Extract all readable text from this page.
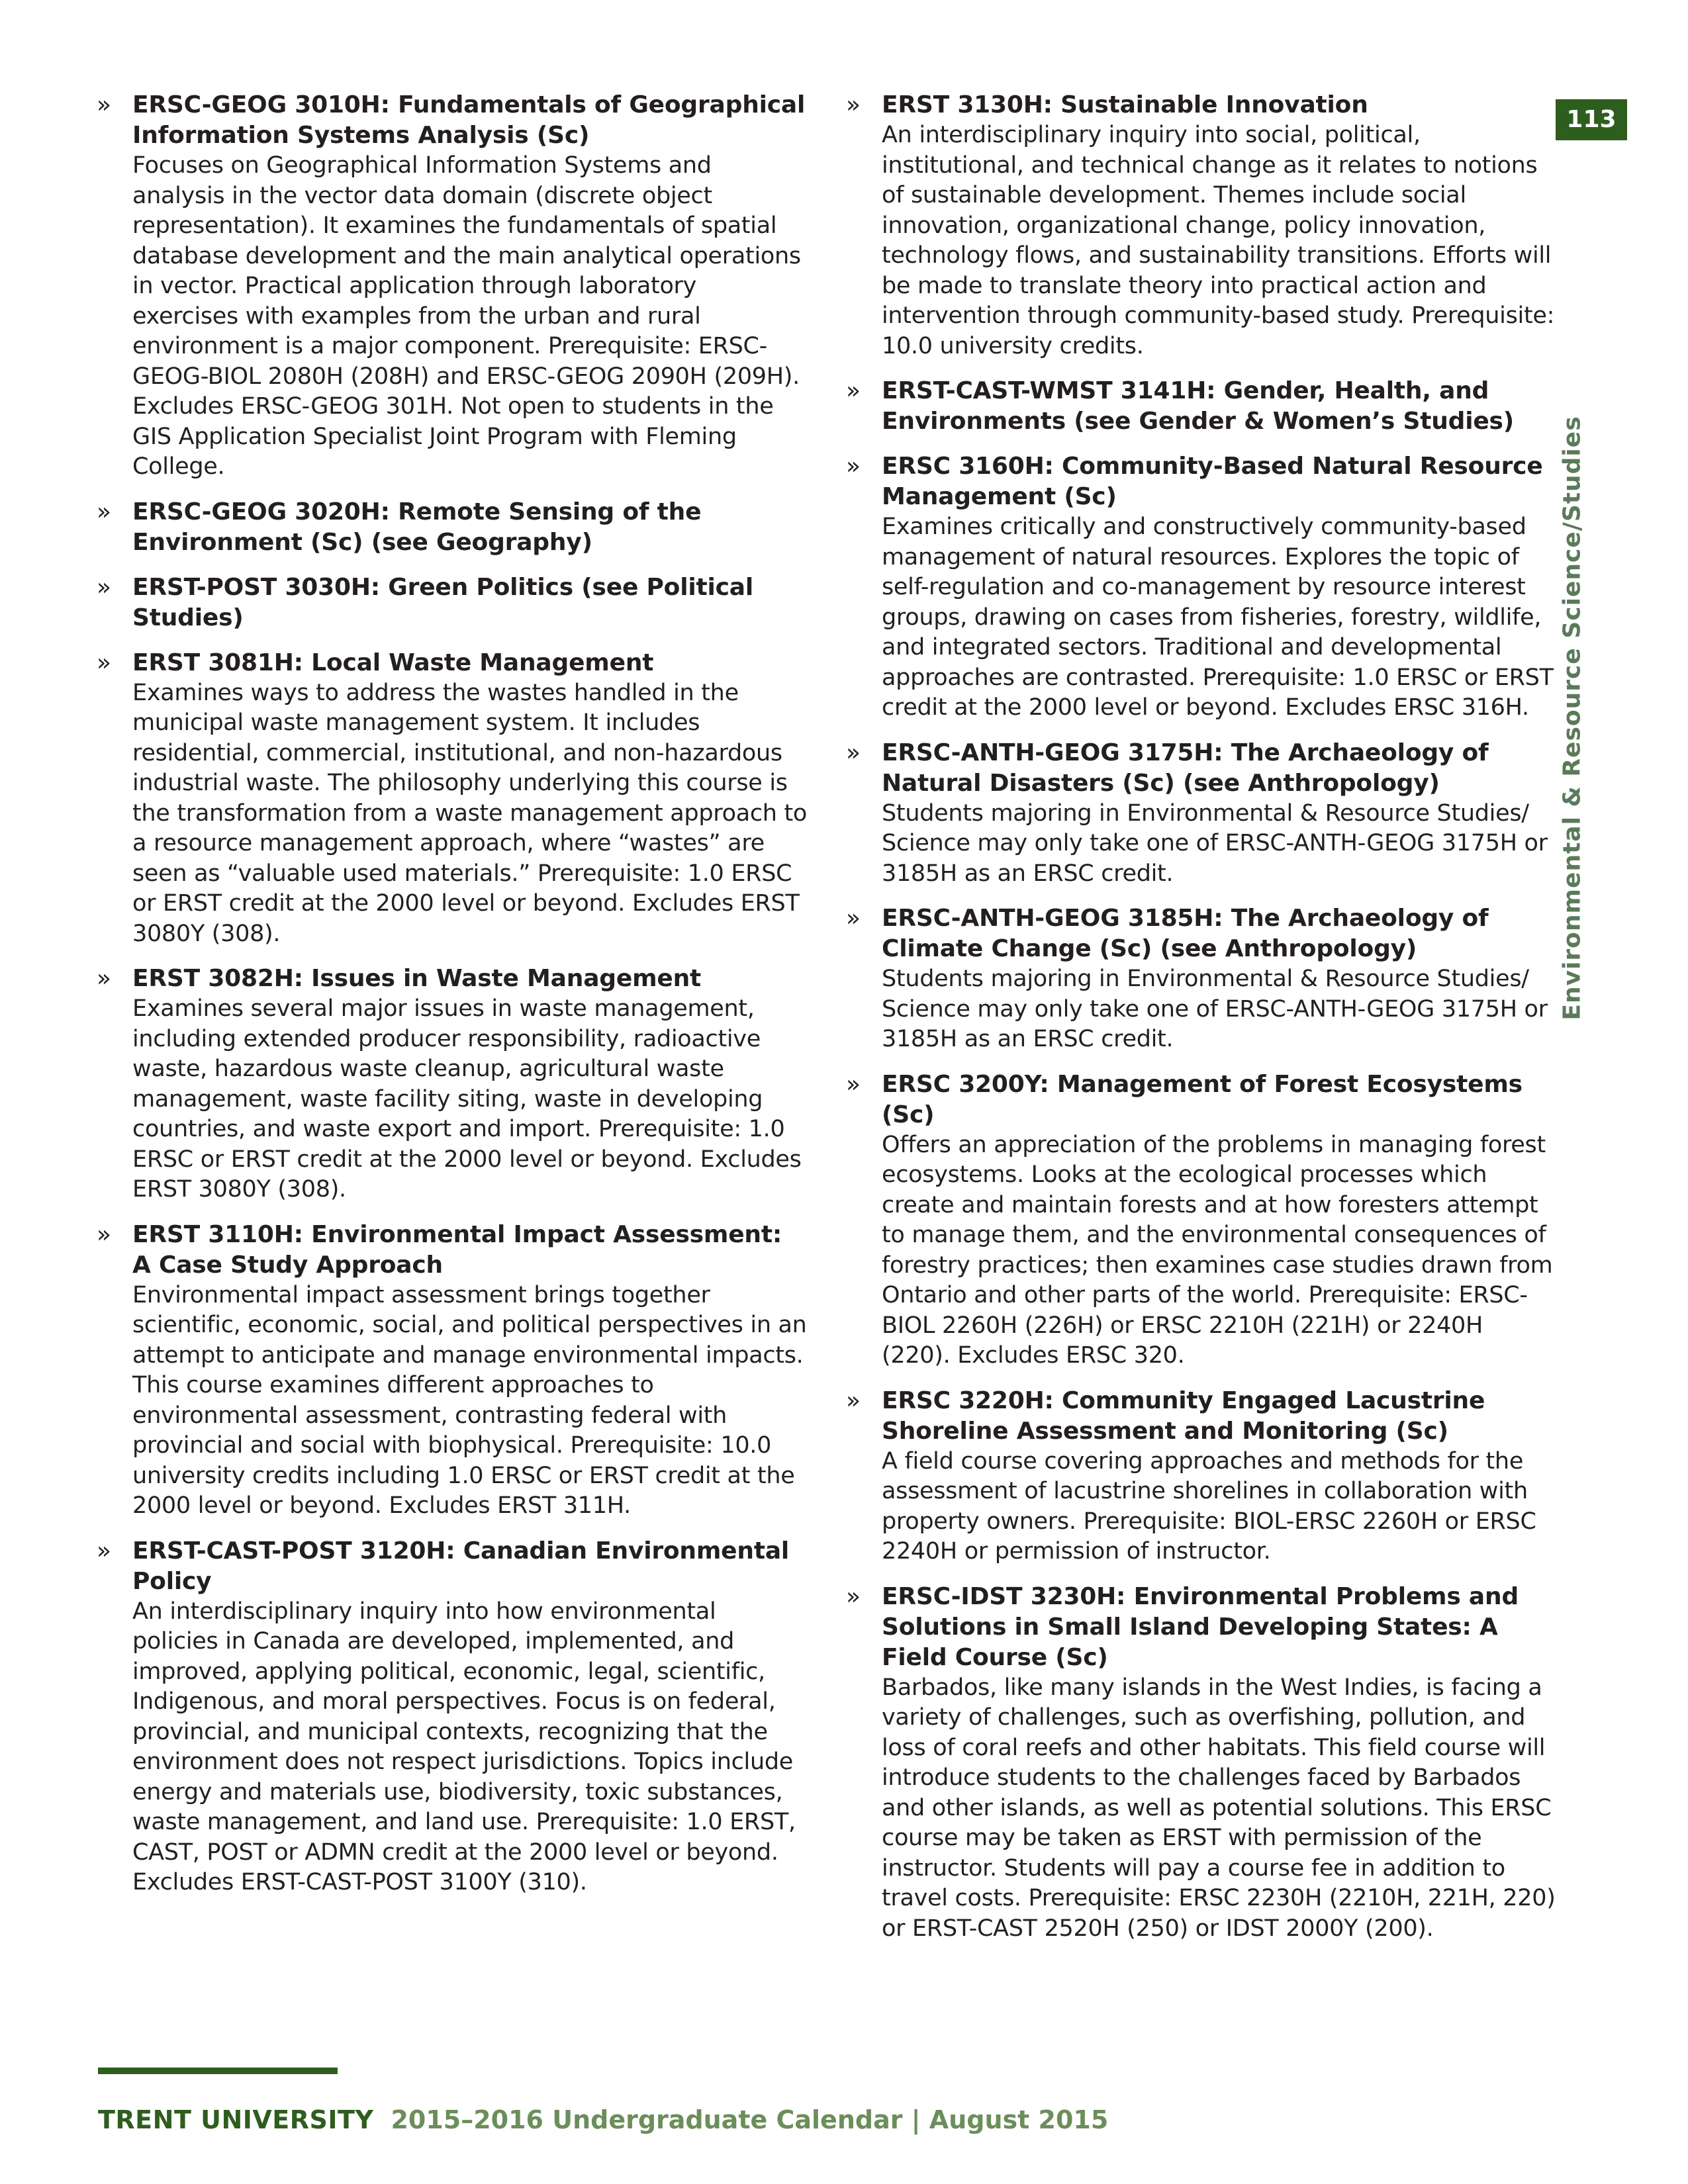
» ERSC-GEOG 3010H: Fundamentals of Geographical Information Systems Analysis (Sc)
Focuses on Geographical Information Systems and analysis in the vector data domain (discrete object representation). It examines the fundamentals of spatial database development and the main analytical operations in vector. Practical application through laboratory exercises with examples from the urban and rural environment is a major component. Prerequisite: ERSC-GEOG-BIOL 2080H (208H) and ERSC-GEOG 2090H (209H). Excludes ERSC-GEOG 301H. Not open to students in the GIS Application Specialist Joint Program with Fleming College.
» ERSC-GEOG 3020H: Remote Sensing of the Environment (Sc) (see Geography)
» ERST-POST 3030H: Green Politics (see Political Studies)
» ERST 3081H: Local Waste Management
Examines ways to address the wastes handled in the municipal waste management system. It includes residential, commercial, institutional, and non-hazardous industrial waste. The philosophy underlying this course is the transformation from a waste management approach to a resource management approach, where “wastes” are seen as “valuable used materials.” Prerequisite: 1.0 ERSC or ERST credit at the 2000 level or beyond. Excludes ERST 3080Y (308).
» ERST 3082H: Issues in Waste Management
Examines several major issues in waste management, including extended producer responsibility, radioactive waste, hazardous waste cleanup, agricultural waste management, waste facility siting, waste in developing countries, and waste export and import. Prerequisite: 1.0 ERSC or ERST credit at the 2000 level or beyond. Excludes ERST 3080Y (308).
» ERST 3110H: Environmental Impact Assessment: A Case Study Approach
Environmental impact assessment brings together scientific, economic, social, and political perspectives in an attempt to anticipate and manage environmental impacts. This course examines different approaches to environmental assessment, contrasting federal with provincial and social with biophysical. Prerequisite: 10.0 university credits including 1.0 ERSC or ERST credit at the 2000 level or beyond. Excludes ERST 311H.
» ERST-CAST-POST 3120H: Canadian Environmental Policy
An interdisciplinary inquiry into how environmental policies in Canada are developed, implemented, and improved, applying political, economic, legal, scientific, Indigenous, and moral perspectives. Focus is on federal, provincial, and municipal contexts, recognizing that the environment does not respect jurisdictions. Topics include energy and materials use, biodiversity, toxic substances, waste management, and land use. Prerequisite: 1.0 ERST, CAST, POST or ADMN credit at the 2000 level or beyond. Excludes ERST-CAST-POST 3100Y (310).
» ERST 3130H: Sustainable Innovation
An interdisciplinary inquiry into social, political, institutional, and technical change as it relates to notions of sustainable development. Themes include social innovation, organizational change, policy innovation, technology flows, and sustainability transitions. Efforts will be made to translate theory into practical action and intervention through community-based study. Prerequisite: 10.0 university credits.
» ERST-CAST-WMST 3141H: Gender, Health, and Environments (see Gender & Women’s Studies)
» ERSC 3160H: Community-Based Natural Resource Management (Sc)
Examines critically and constructively community-based management of natural resources. Explores the topic of self-regulation and co-management by resource interest groups, drawing on cases from fisheries, forestry, wildlife, and integrated sectors. Traditional and developmental approaches are contrasted. Prerequisite: 1.0 ERSC or ERST credit at the 2000 level or beyond. Excludes ERSC 316H.
» ERSC-ANTH-GEOG 3175H: The Archaeology of Natural Disasters (Sc) (see Anthropology)
Students majoring in Environmental & Resource Studies/ Science may only take one of ERSC-ANTH-GEOG 3175H or 3185H as an ERSC credit.
» ERSC-ANTH-GEOG 3185H: The Archaeology of Climate Change (Sc) (see Anthropology)
Students majoring in Environmental & Resource Studies/ Science may only take one of ERSC-ANTH-GEOG 3175H or 3185H as an ERSC credit.
» ERSC 3200Y: Management of Forest Ecosystems (Sc)
Offers an appreciation of the problems in managing forest ecosystems. Looks at the ecological processes which create and maintain forests and at how foresters attempt to manage them, and the environmental consequences of forestry practices; then examines case studies drawn from Ontario and other parts of the world. Prerequisite: ERSC-BIOL 2260H (226H) or ERSC 2210H (221H) or 2240H (220). Excludes ERSC 320.
» ERSC 3220H: Community Engaged Lacustrine Shoreline Assessment and Monitoring (Sc)
A field course covering approaches and methods for the assessment of lacustrine shorelines in collaboration with property owners. Prerequisite: BIOL-ERSC 2260H or ERSC 2240H or permission of instructor.
» ERSC-IDST 3230H: Environmental Problems and Solutions in Small Island Developing States: A Field Course (Sc)
Barbados, like many islands in the West Indies, is facing a variety of challenges, such as overfishing, pollution, and loss of coral reefs and other habitats. This field course will introduce students to the challenges faced by Barbados and other islands, as well as potential solutions. This ERSC course may be taken as ERST with permission of the instructor. Students will pay a course fee in addition to travel costs. Prerequisite: ERSC 2230H (2210H, 221H, 220) or ERST-CAST 2520H (250) or IDST 2000Y (200).
113
Environmental & Resource Science/Studies
TRENT UNIVERSITY 2015–2016 Undergraduate Calendar | August 2015
